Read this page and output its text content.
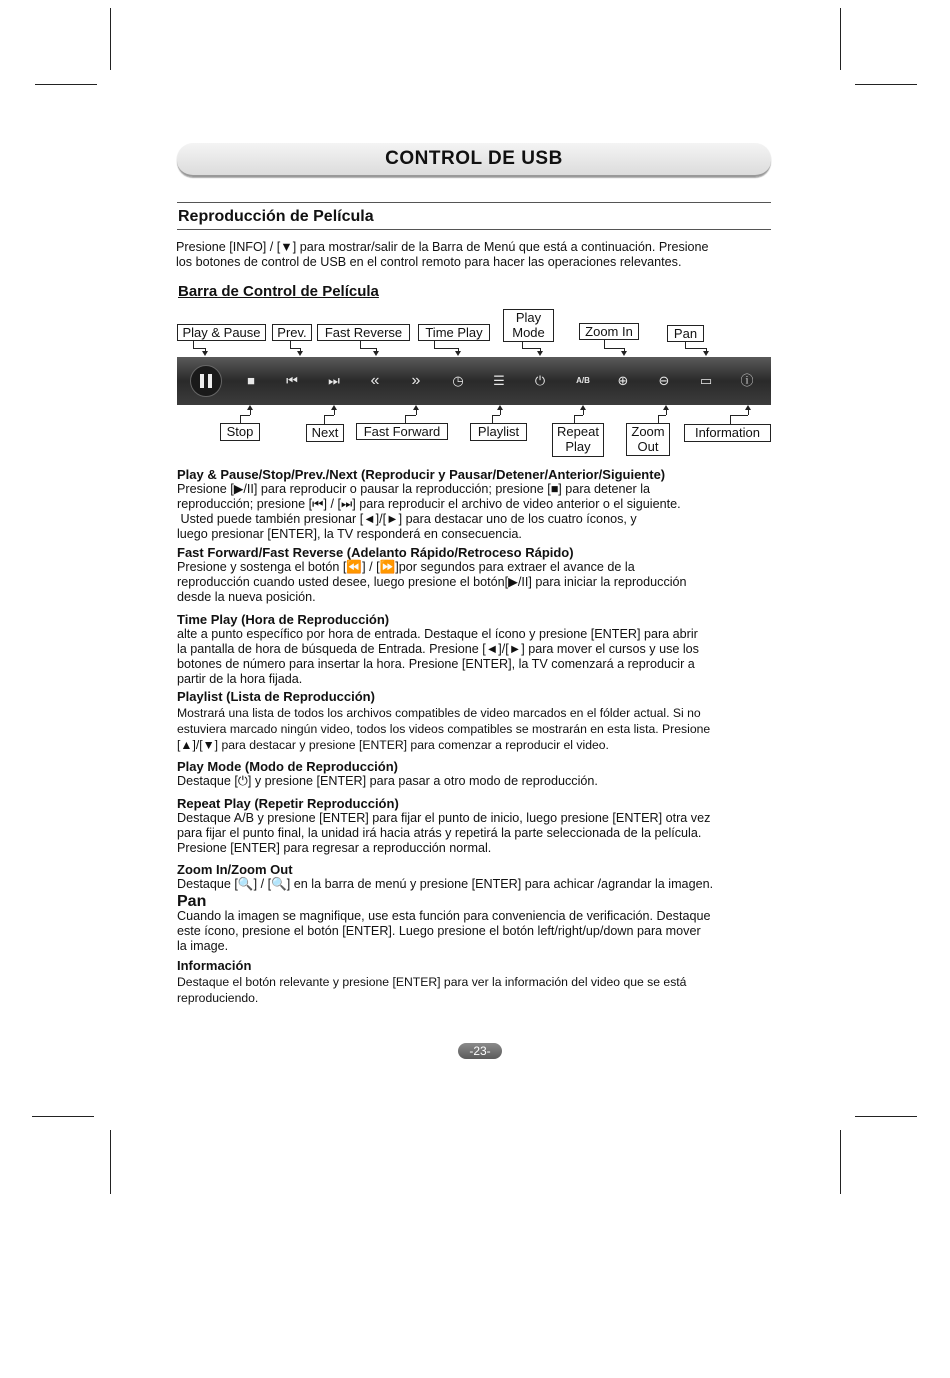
CONTROL DE USB
Reproducción de Película
Presione [INFO] / [▼] para mostrar/salir de la Barra de Menú que está a continuación. Presione
los botones de control de USB en el control remoto para hacer las operaciones relevantes.
Barra de Control de Película
Play & Pause	Prev.	Fast Reverse	Time Play
Play
Mode	Zoom In	Pan
■	⏮	⏭	«	»	◷	☰	⏻	A/B	⊕	⊖	▭ ⓘ
Stop	Next	Fast Forward	Playlist	Repeat
Play
Zoom
Out
Information
Play & Pause/Stop/Prev./Next (Reproducir y Pausar/Detener/Anterior/Siguiente)
Presione [▶/II] para reproducir o pausar la reproducción; presione [■] para detener la
reproducción; presione [⏮] / [⏭] para reproducir el archivo de video anterior o el siguiente.
Usted puede también presionar [◄]/[►] para destacar uno de los cuatro íconos, y
luego presionar [ENTER], la TV responderá en consecuencia.
Fast Forward/Fast Reverse (Adelanto Rápido/Retroceso Rápido)
Presione y sostenga el botón [⏪] / [⏩]por segundos para extraer el avance de la
reproducción cuando usted desee, luego presione el botón[▶/II] para iniciar la reproducción
desde la nueva posición.
Time Play (Hora de Reproducción)
alte a punto específico por hora de entrada. Destaque el ícono y presione [ENTER] para abrir
la pantalla de hora de búsqueda de Entrada. Presione [◄]/[►] para mover el cursos y use los
botones de número para insertar la hora. Presione [ENTER], la TV comenzará a reproducir a
partir de la hora fijada.
Playlist (Lista de Reproducción)
Mostrará una lista de todos los archivos compatibles de video marcados en el fólder actual. Si no
estuviera marcado ningún video, todos los videos compatibles se mostrarán en esta lista. Presione
[▲]/[▼] para destacar y presione [ENTER] para comenzar a reproducir el video.
Play Mode (Modo de Reproducción)
Destaque [⏻] y presione [ENTER] para pasar a otro modo de reproducción.
Repeat Play (Repetir Reproducción)
Destaque A/B y presione [ENTER] para fijar el punto de inicio, luego presione [ENTER] otra vez
para fijar el punto final, la unidad irá hacia atrás y repetirá la parte seleccionada de la película.
Presione [ENTER] para regresar a reproducción normal.
Zoom In/Zoom Out
Destaque [🔍] / [🔍] en la barra de menú y presione [ENTER] para achicar /agrandar la imagen.
Pan
Cuando la imagen se magnifique, use esta función para conveniencia de verificación. Destaque
este ícono, presione el botón [ENTER]. Luego presione el botón left/right/up/down para mover
la image.
Información
Destaque el botón relevante y presione [ENTER] para ver la información del video que se está
reproduciendo.
-23-
